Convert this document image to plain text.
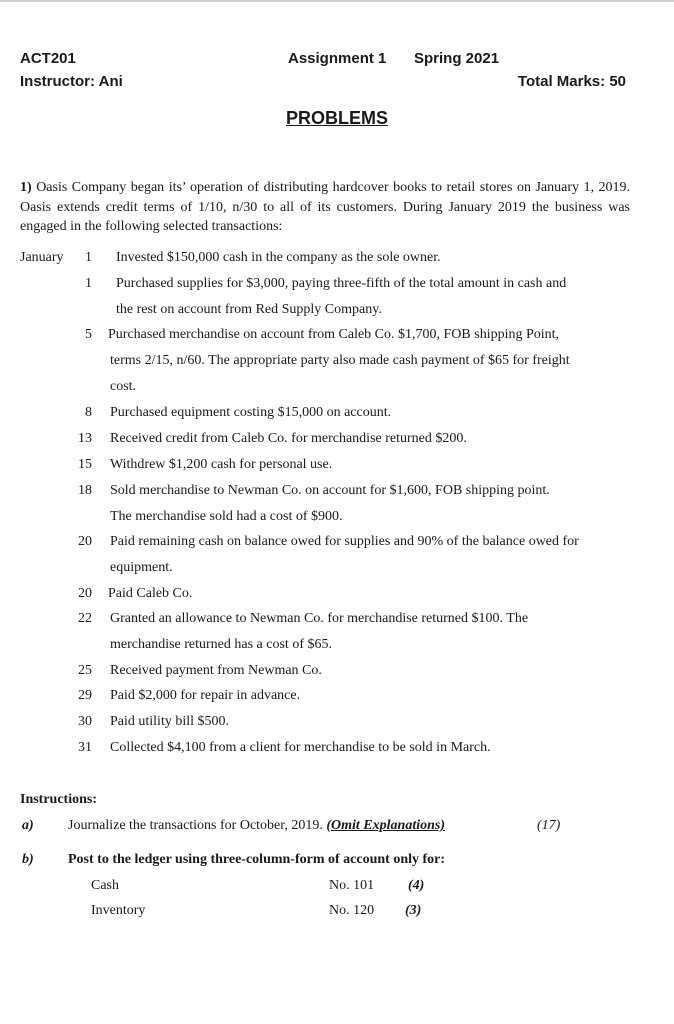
ACT201
Instructor: Ani
Assignment 1 Spring 2021
Total Marks: 50
PROBLEMS
1) Oasis Company began its’ operation of distributing hardcover books to retail stores on January 1, 2019. Oasis extends credit terms of 1/10, n/30 to all of its customers. During January 2019 the business was engaged in the following selected transactions:
January	1 Invested $150,000 cash in the company as the sole owner.
1 Purchased supplies for $3,000, paying three-fifth of the total amount in cash and
the rest on account from Red Supply Company.
5 Purchased merchandise on account from Caleb Co. $1,700, FOB shipping Point,
terms 2/15, n/60. The appropriate party also made cash payment of $65 for freight
cost.
8 Purchased equipment costing $15,000 on account.
13 Received credit from Caleb Co. for merchandise returned $200.
15 Withdrew $1,200 cash for personal use.
18 Sold merchandise to Newman Co. on account for $1,600, FOB shipping point.
The merchandise sold had a cost of $900.
20 Paid remaining cash on balance owed for supplies and 90% of the balance owed for
equipment.
20 Paid Caleb Co.
22 Granted an allowance to Newman Co. for merchandise returned $100. The
merchandise returned has a cost of $65.
25 Received payment from Newman Co.
29 Paid $2,000 for repair in advance.
30 Paid utility bill $500.
31 Collected $4,100 from a client for merchandise to be sold in March.
Instructions:
a) Journalize the transactions for October, 2019. (Omit Explanations)	(17)
b) Post to the ledger using three-column-form of account only for:
Cash	No. 101 (4)
Inventory	No. 120 (3)
